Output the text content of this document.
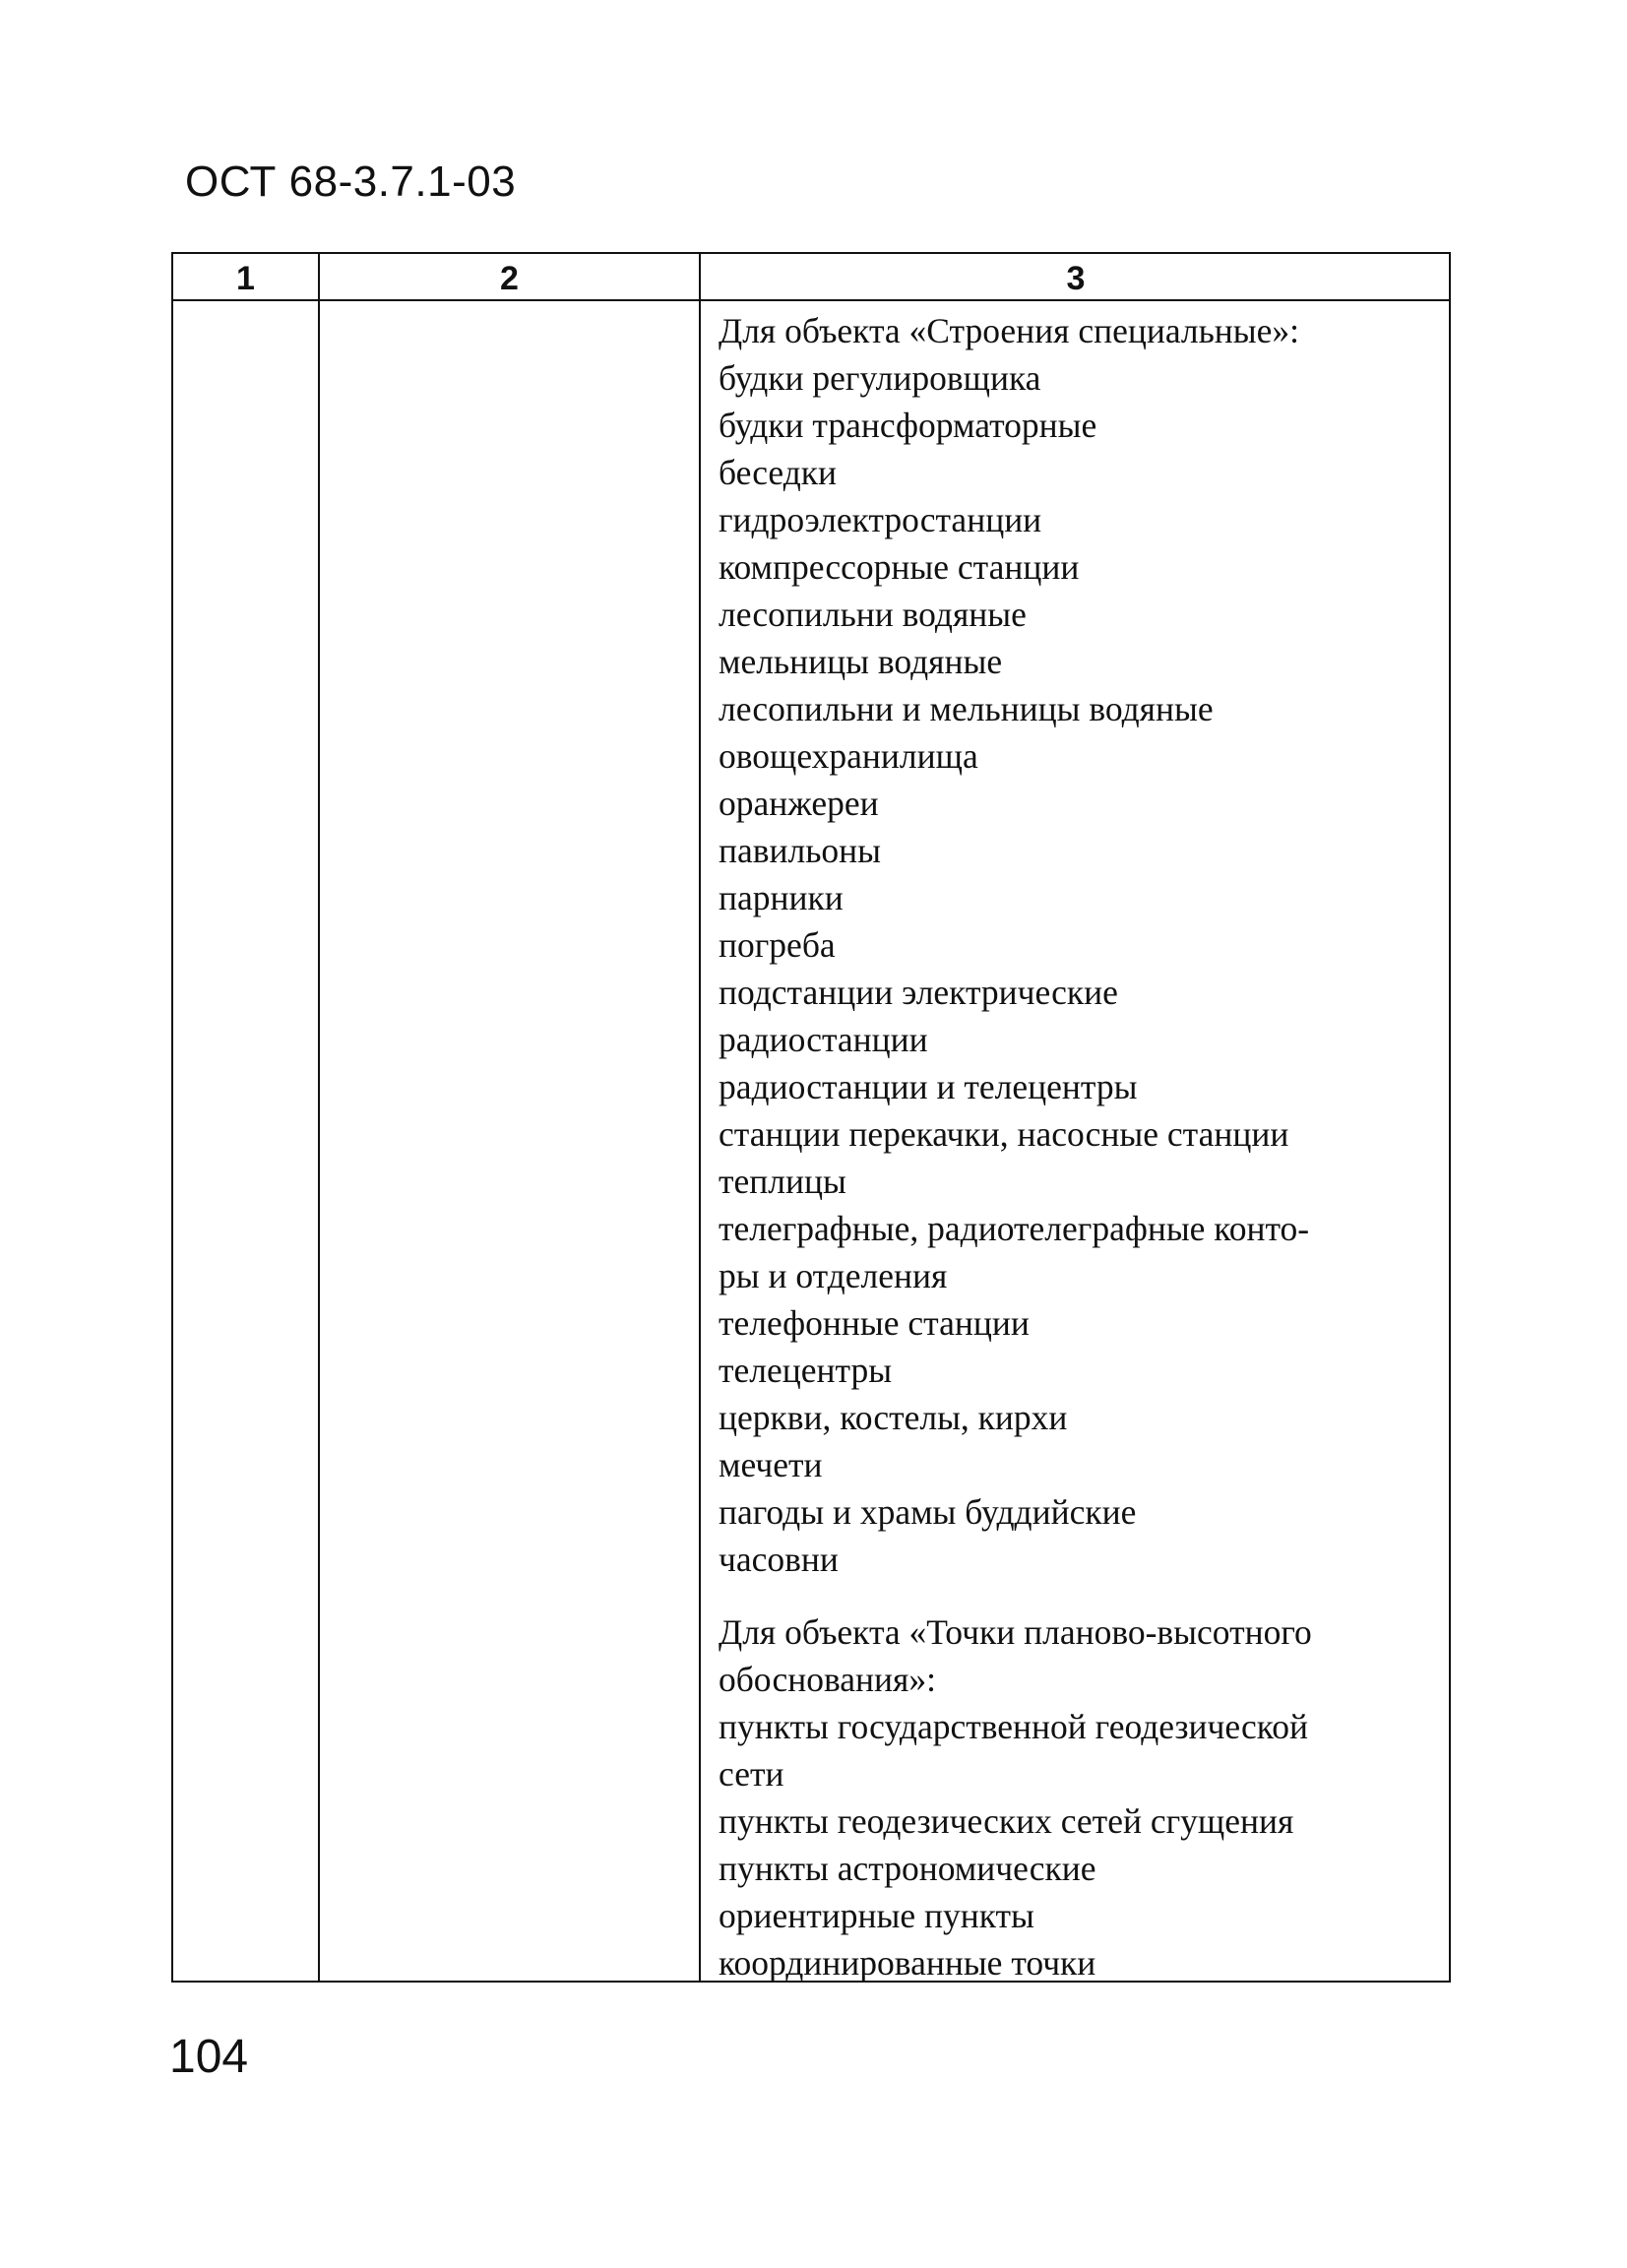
ОСТ 68-3.7.1-03
1	2	3
Для объекта «Строения специальные»:
будки регулировщика
будки трансформаторные
беседки
гидроэлектростанции
компрессорные станции
лесопильни водяные
мельницы водяные
лесопильни и мельницы водяные
овощехранилища
оранжереи
павильоны
парники
погреба
подстанции электрические
радиостанции
радиостанции и телецентры
станции перекачки, насосные станции
теплицы
телеграфные, радиотелеграфные конто-
ры и отделения
телефонные станции
телецентры
церкви, костелы, кирхи
мечети
пагоды и храмы буддийские
часовни
Для объекта «Точки планово-высотного
обоснования»:
пункты государственной геодезической
сети
пункты геодезических сетей сгущения
пункты астрономические
ориентирные пункты
координированные точки
104
